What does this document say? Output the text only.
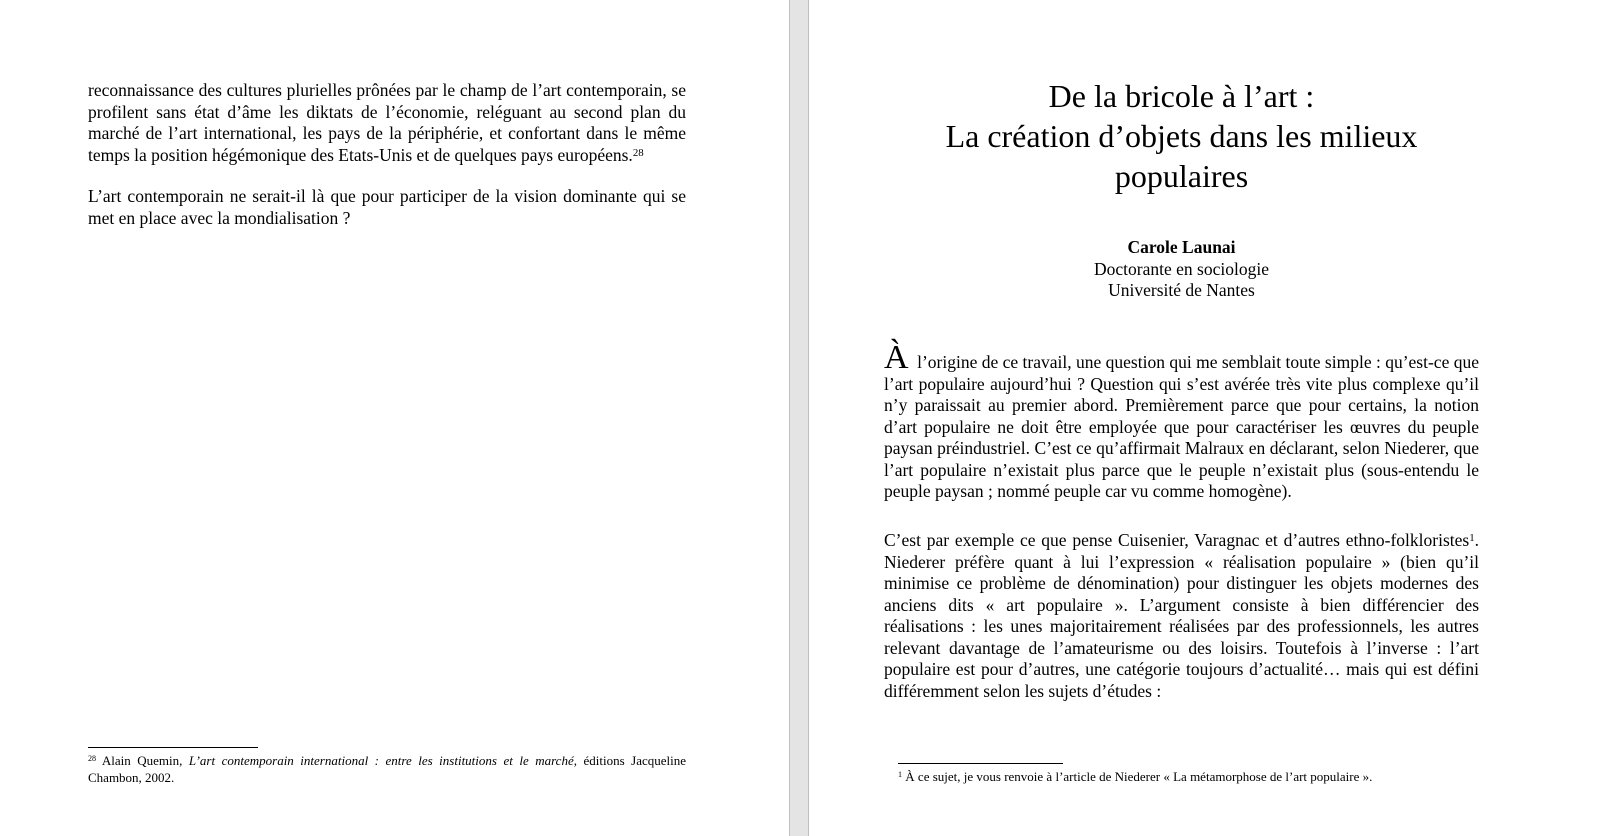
reconnaissance des cultures plurielles prônées par le champ de l’art contemporain, se profilent sans état d’âme les diktats de l’économie, reléguant au second plan du marché de l’art international, les pays de la périphérie, et confortant dans le même temps la position hégémonique des Etats-Unis et de quelques pays européens.$^{28}$
L’art contemporain ne serait-il là que pour participer de la vision dominante qui se met en place avec la mondialisation ?
$^{28}$ Alain Quemin, L’art contemporain international : entre les institutions et le marché, éditions Jacqueline Chambon, 2002.
De la bricole à l’art :
La création d’objets dans les milieux
populaires
Carole Launai
Doctorante en sociologie
Université de Nantes
À l’origine de ce travail, une question qui me semblait toute simple : qu’est-ce que l’art populaire aujourd’hui ? Question qui s’est avérée très vite plus complexe qu’il n’y paraissait au premier abord. Premièrement parce que pour certains, la notion d’art populaire ne doit être employée que pour caractériser les œuvres du peuple paysan préindustriel. C’est ce qu’affirmait Malraux en déclarant, selon Niederer, que l’art populaire n’existait plus parce que le peuple n’existait plus (sous-entendu le peuple paysan ; nommé peuple car vu comme homogène).
C’est par exemple ce que pense Cuisenier, Varagnac et d’autres ethno-folkloristes$^1$. Niederer préfère quant à lui l’expression « réalisation populaire » (bien qu’il minimise ce problème de dénomination) pour distinguer les objets modernes des anciens dits « art populaire ». L’argument consiste à bien différencier des réalisations : les unes majoritairement réalisées par des professionnels, les autres relevant davantage de l’amateurisme ou des loisirs. Toutefois à l’inverse : l’art populaire est pour d’autres, une catégorie toujours d’actualité… mais qui est défini différemment selon les sujets d’études :
$^1$ À ce sujet, je vous renvoie à l’article de Niederer « La métamorphose de l’art populaire ».
